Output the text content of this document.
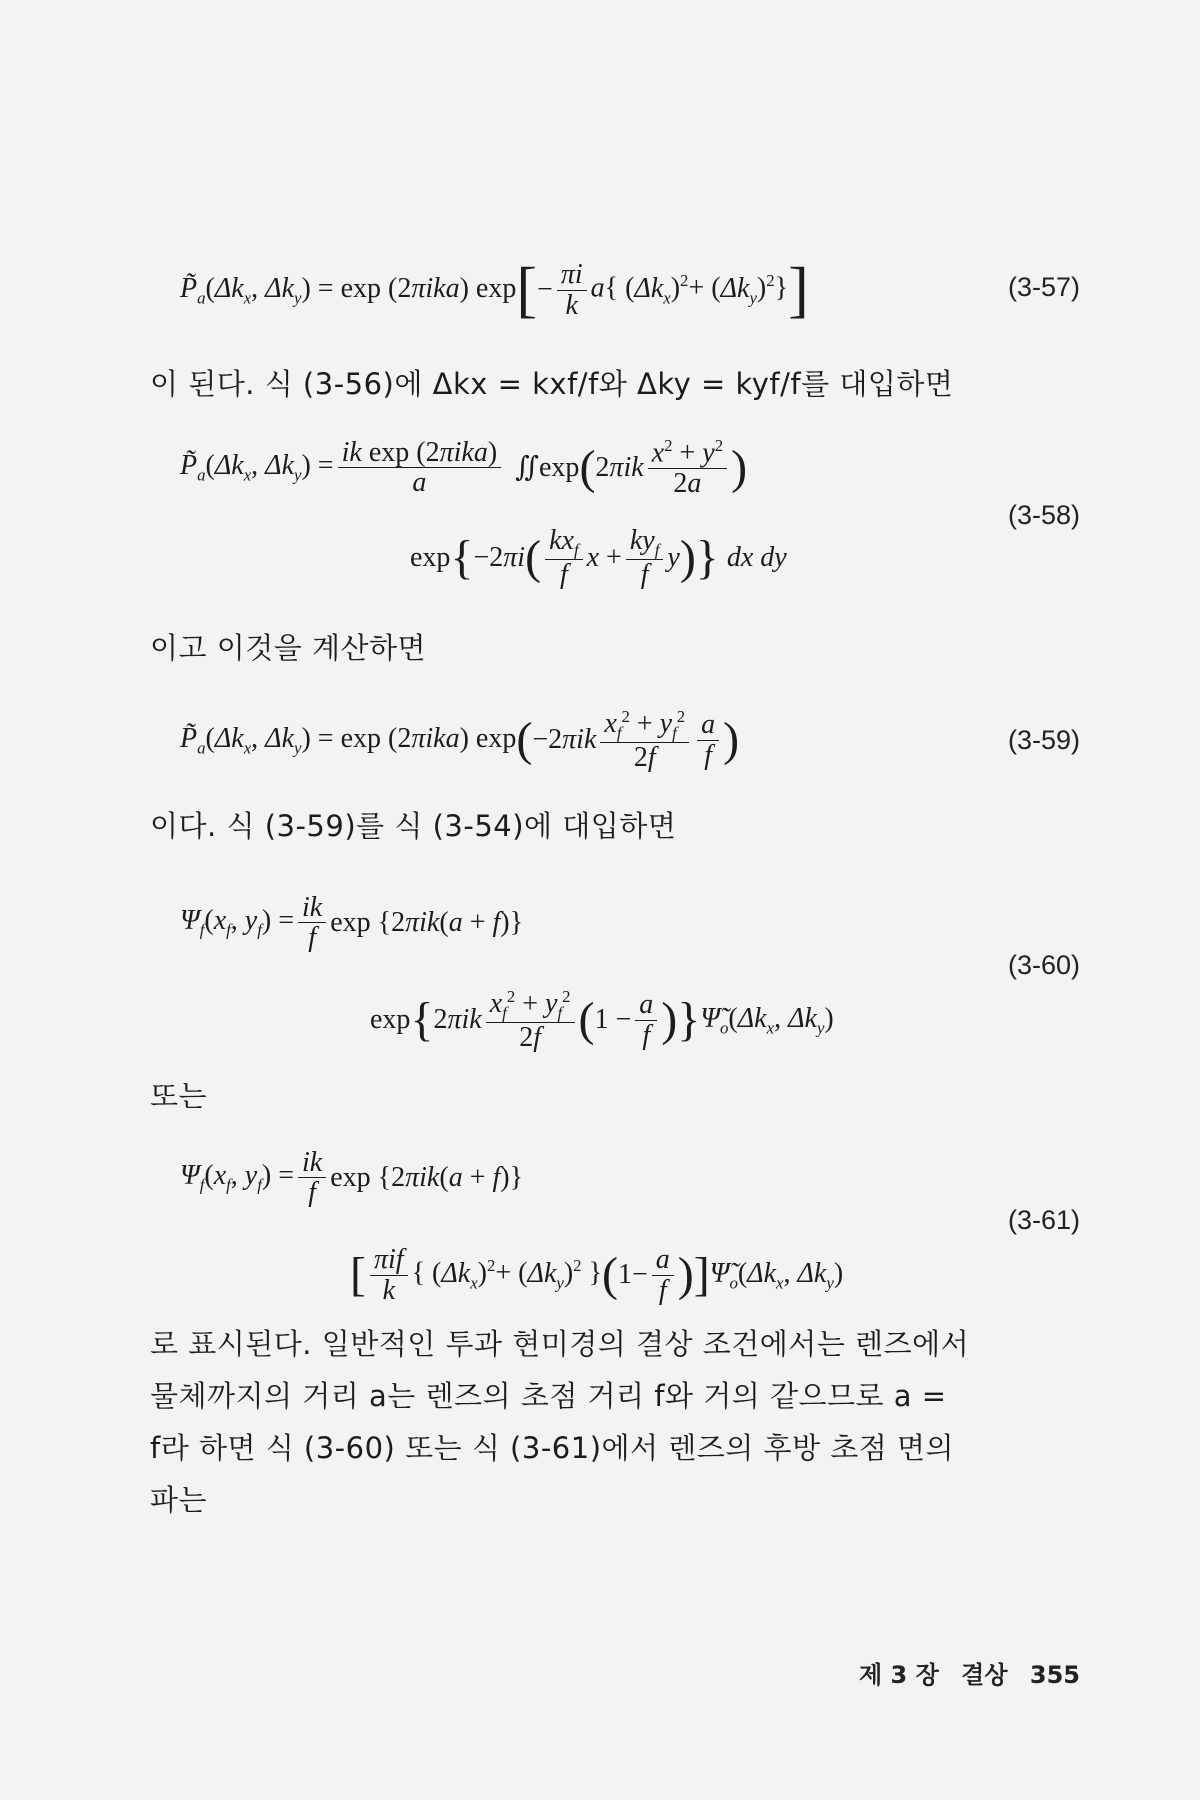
$P̃_a(\Delta k_x$, $\Delta k_y) = \exp (2\pi ika)$ exp [ − $\frac{\pi i}{k} a${ $(\Delta k_x)^2+ (\Delta k_y)^2$} ]	(3-57)
이 된다. 식 (3-56)에 Δkx = kxf/f와 Δky = kyf/f를 대입하면
$P̃_a(\Delta k_x$, $\Delta k_y) = \frac{\text{ik exp (2πika)}}{a}$ ∬exp ( $2\pi ik \frac{x^2 + y^2}{2a}$ )
exp { −2πi ( $\frac{kx_f}{f}$ $x + \frac{ky_f}{f}$ y ) } dx dy
(3-58)
이고 이것을 계산하면
$P̃_a(\Delta k_x$, $\Delta k_y) = \exp (2\pi ika)$ exp ( $-2\pi ik \frac{x_f^2 + y_f^2}{2f} \frac{a}{f}$ )	(3-59)
이다. 식 (3-59)를 식 (3-54)에 대입하면
$\Psi_f(x_f$, $y_f) = \frac{ik}{f}$ exp {2πik(a + f)}
exp { $2\pi ik \frac{x_f^2 + y_f^2}{2f}$ ( $1 - \frac{a}{f}$ ) } $\Psĩ_o(\Delta k_x$, $\Delta k_y$)
(3-60)
또는
$\Psi_f(x_f$, $y_f) = \frac{ik}{f}$ exp {2πik(a + f)}
[ $\frac{\text{πif}}{k}$ { $(\Delta k_x)^2+ (\Delta k_y)^2$ } ( $1- \frac{a}{f}$ ) ] $\Psĩ_o(\Delta k_x$, $\Delta k_y$)
(3-61)
로 표시된다. 일반적인 투과 현미경의 결상 조건에서는 렌즈에서
물체까지의 거리 a는 렌즈의 초점 거리 f와 거의 같으므로 a =
f라 하면 식 (3-60) 또는 식 (3-61)에서 렌즈의 후방 초점 면의
파는
제 3 장 결상 355
